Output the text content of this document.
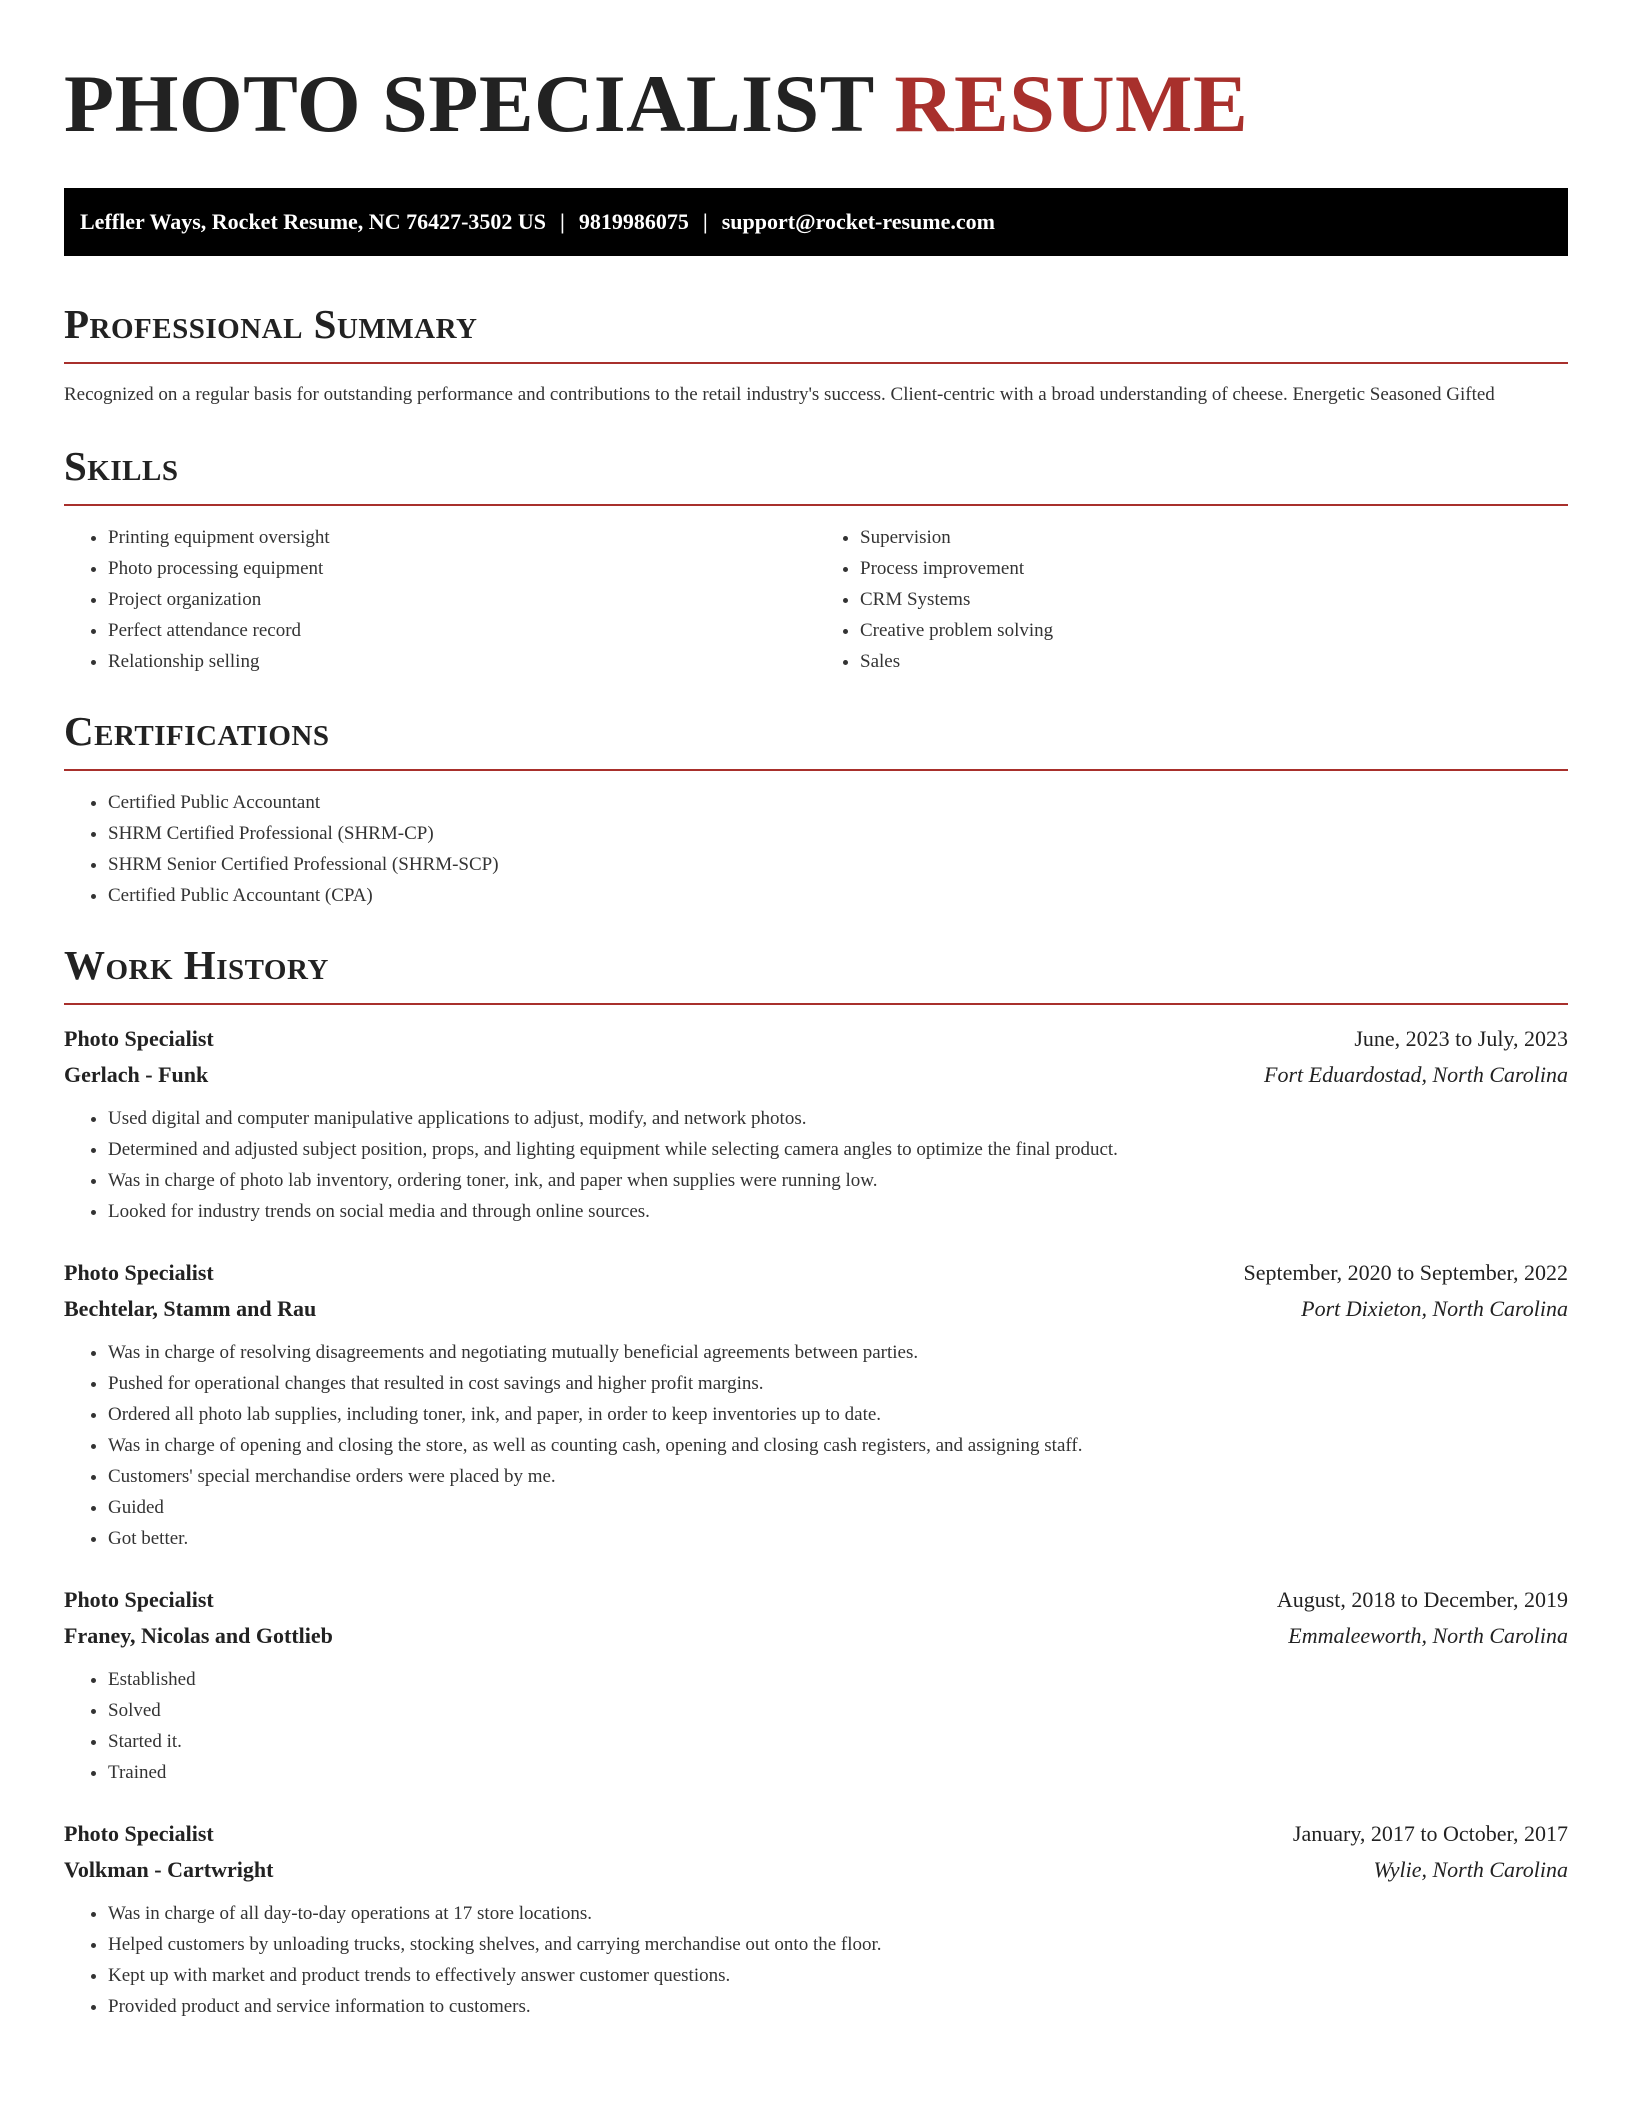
PHOTO SPECIALIST RESUME
Leffler Ways, Rocket Resume, NC 76427-3502 US | 9819986075 | support@rocket-resume.com
Professional Summary

Recognized on a regular basis for outstanding performance and contributions to the retail industry's success. Client-centric with a broad understanding of cheese. Energetic Seasoned Gifted

Skills
• Printing equipment oversight
• Photo processing equipment
• Project organization
• Perfect attendance record
• Relationship selling
• Supervision
• Process improvement
• CRM Systems
• Creative problem solving
• Sales
Certifications
• Certified Public Accountant
• SHRM Certified Professional (SHRM-CP)
• SHRM Senior Certified Professional (SHRM-SCP)
• Certified Public Accountant (CPA)
Work History
Photo Specialist	June, 2023 to July, 2023
Gerlach - Funk	Fort Eduardostad, North Carolina
• Used digital and computer manipulative applications to adjust, modify, and network photos.
• Determined and adjusted subject position, props, and lighting equipment while selecting camera angles to optimize the final product.
• Was in charge of photo lab inventory, ordering toner, ink, and paper when supplies were running low.
• Looked for industry trends on social media and through online sources.
Photo Specialist	September, 2020 to September, 2022
Bechtelar, Stamm and Rau	Port Dixieton, North Carolina
• Was in charge of resolving disagreements and negotiating mutually beneficial agreements between parties.
• Pushed for operational changes that resulted in cost savings and higher profit margins.
• Ordered all photo lab supplies, including toner, ink, and paper, in order to keep inventories up to date.
• Was in charge of opening and closing the store, as well as counting cash, opening and closing cash registers, and assigning staff.
• Customers' special merchandise orders were placed by me.
• Guided
• Got better.
Photo Specialist	August, 2018 to December, 2019
Franey, Nicolas and Gottlieb	Emmaleeworth, North Carolina
• Established
• Solved
• Started it.
• Trained
Photo Specialist	January, 2017 to October, 2017
Volkman - Cartwright	Wylie, North Carolina
• Was in charge of all day-to-day operations at 17 store locations.
• Helped customers by unloading trucks, stocking shelves, and carrying merchandise out onto the floor.
• Kept up with market and product trends to effectively answer customer questions.
• Provided product and service information to customers.
